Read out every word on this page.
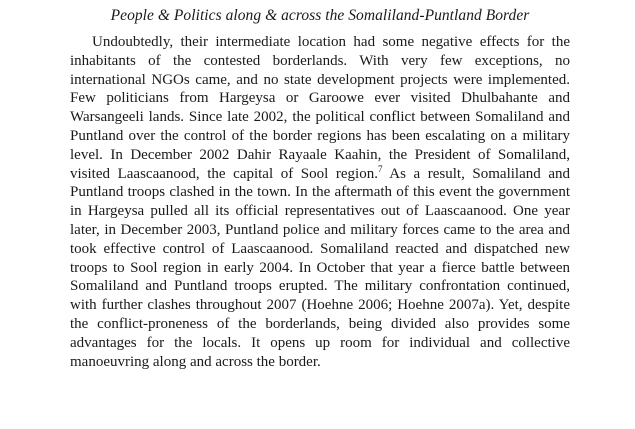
People & Politics along & across the Somaliland-Puntland Border

Undoubtedly, their intermediate location had some negative effects for the inhabitants of the contested borderlands. With very few exceptions, no international NGOs came, and no state development projects were implemented. Few politicians from Hargeysa or Garoowe ever visited Dhulbahante and Warsangeeli lands. Since late 2002, the political conflict between Somaliland and Puntland over the control of the border regions has been escalating on a military level. In December 2002 Dahir Rayaale Kaahin, the President of Somaliland, visited Laascaanood, the capital of Sool region.$^7$ As a result, Somaliland and Puntland troops clashed in the town. In the aftermath of this event the government in Hargeysa pulled all its official representatives out of Laascaanood. One year later, in December 2003, Puntland police and military forces came to the area and took effective control of Laascaanood. Somaliland reacted and dispatched new troops to Sool region in early 2004. In October that year a fierce battle between Somaliland and Puntland troops erupted. The military confrontation continued, with further clashes throughout 2007 (Hoehne 2006; Hoehne 2007a). Yet, despite the conflict-proneness of the borderlands, being divided also provides some advantages for the locals. It opens up room for individual and collective manoeuvring along and across the border.
